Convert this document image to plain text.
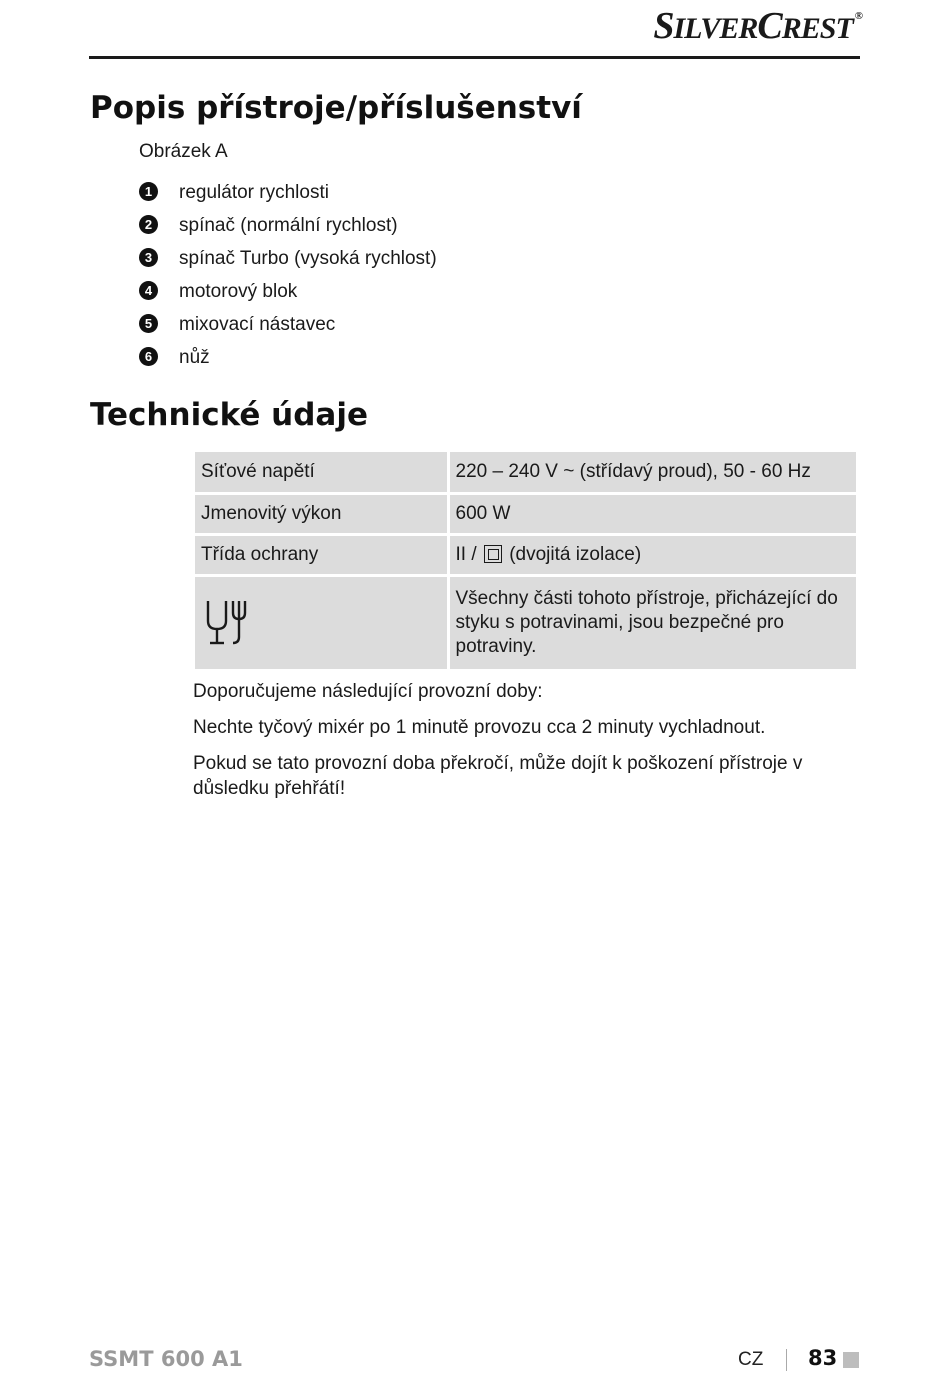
SILVERCREST ®
Popis přístroje/příslušenství
Obrázek A
1	regulátor rychlosti
2	spínač (normální rychlost)
3	spínač Turbo (vysoká rychlost)
4	motorový blok
5	mixovací nástavec
6	nůž
Technické údaje
Síťové napětí	220 – 240 V ~ (střídavý proud), 50 - 60 Hz
Jmenovitý výkon	600 W
Třída ochrany	II / (dvojitá izolace)

	Všechny části tohoto přístroje, přicházející do styku s potravinami, jsou bezpečné pro potraviny.

Doporučujeme následující provozní doby:

Nechte tyčový mixér po 1 minutě provozu cca 2 minuty vychladnout.

Pokud se tato provozní doba překročí, může dojít k poškození přístroje v důsledku přehřátí!

SSMT 600 A1	CZ 83
